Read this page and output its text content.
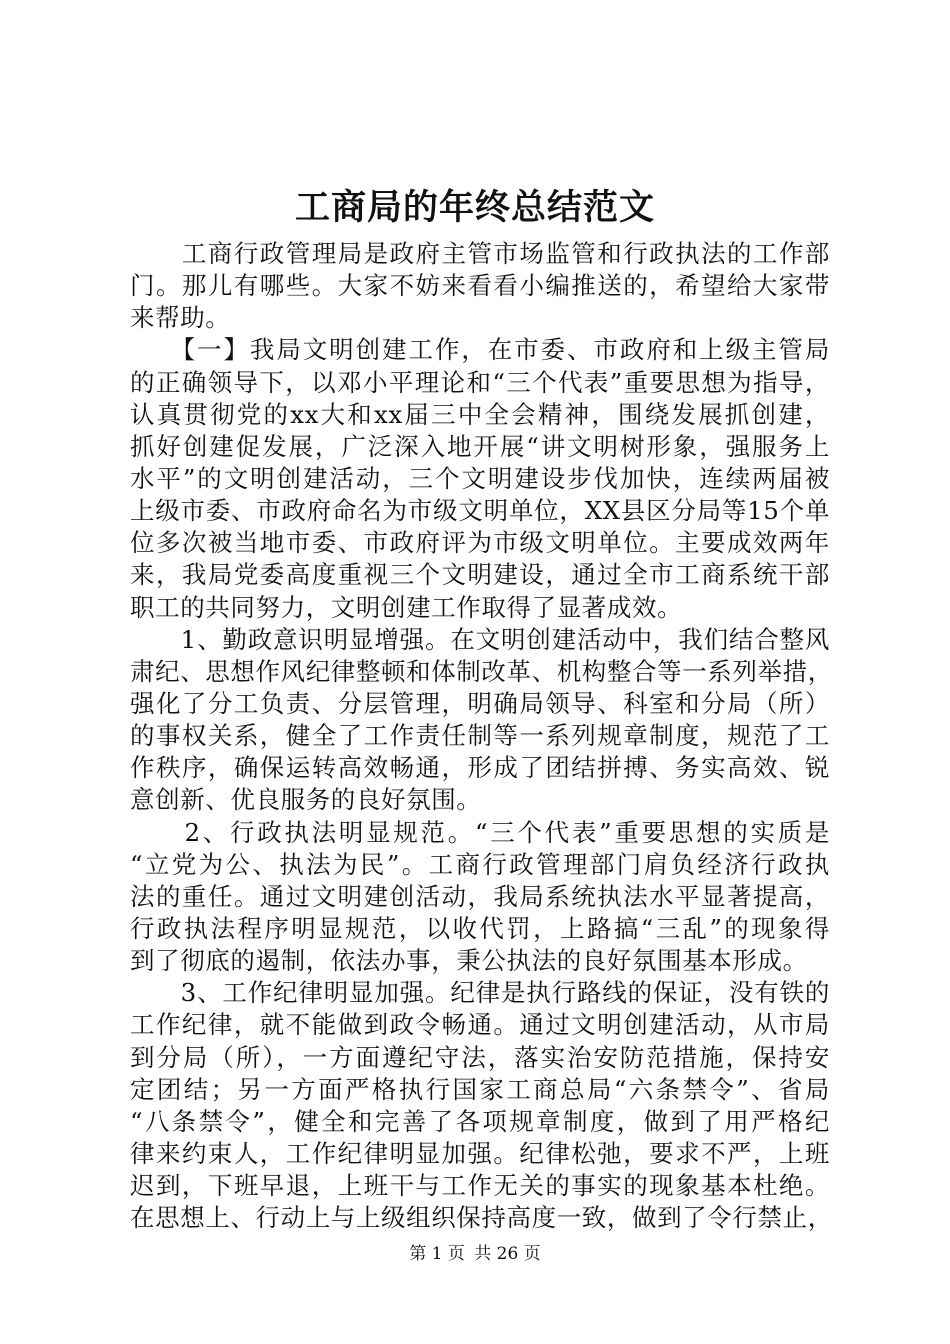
工商局的年终总结范文
　　工商行政管理局是政府主管市场监管和行政执法的工作部
门。那儿有哪些。大家不妨来看看小编推送的，希望给大家带
来帮助。
　　【一】我局文明创建工作，在市委、市政府和上级主管局
的正确领导下，以邓小平理论和“三个代表”重要思想为指导，
认真贯彻党的xx大和xx届三中全会精神，围绕发展抓创建，
抓好创建促发展，广泛深入地开展“讲文明树形象，强服务上
水平”的文明创建活动，三个文明建设步伐加快，连续两届被
上级市委、市政府命名为市级文明单位，XX县区分局等15个单
位多次被当地市委、市政府评为市级文明单位。主要成效两年
来，我局党委高度重视三个文明建设，通过全市工商系统干部
职工的共同努力，文明创建工作取得了显著成效。
　　1、勤政意识明显增强。在文明创建活动中，我们结合整风
肃纪、思想作风纪律整顿和体制改革、机构整合等一系列举措，
强化了分工负责、分层管理，明确局领导、科室和分局（所）
的事权关系，健全了工作责任制等一系列规章制度，规范了工
作秩序，确保运转高效畅通，形成了团结拼搏、务实高效、锐
意创新、优良服务的良好氛围。
　　2、行政执法明显规范。“三个代表”重要思想的实质是
“立党为公、执法为民”。工商行政管理部门肩负经济行政执
法的重任。通过文明建创活动，我局系统执法水平显著提高，
行政执法程序明显规范，以收代罚，上路搞“三乱”的现象得
到了彻底的遏制，依法办事，秉公执法的良好氛围基本形成。
　　3、工作纪律明显加强。纪律是执行路线的保证，没有铁的
工作纪律，就不能做到政令畅通。通过文明创建活动，从市局
到分局（所），一方面遵纪守法，落实治安防范措施，保持安
定团结；另一方面严格执行国家工商总局“六条禁令”、省局
“八条禁令”，健全和完善了各项规章制度，做到了用严格纪
律来约束人，工作纪律明显加强。纪律松弛，要求不严，上班
迟到，下班早退，上班干与工作无关的事实的现象基本杜绝。
在思想上、行动上与上级组织保持高度一致，做到了令行禁止，
第 1 页 共 26 页
